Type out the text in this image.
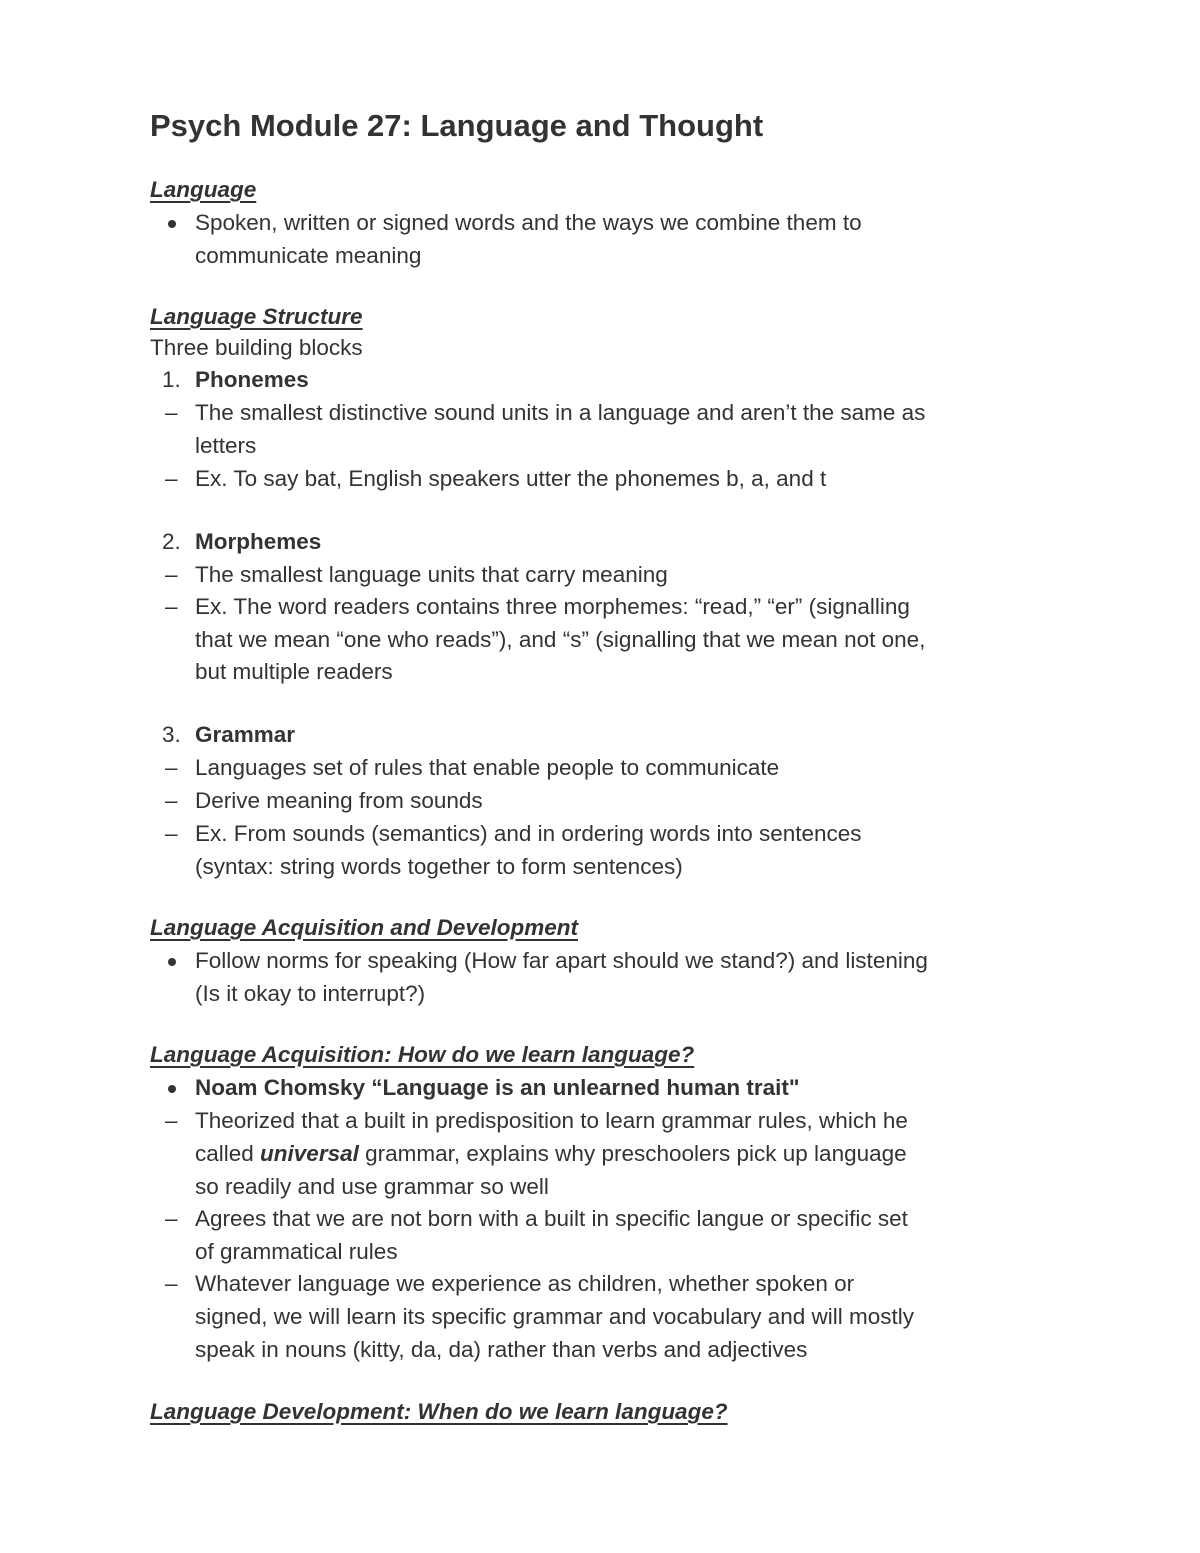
Psych Module 27: Language and Thought
Language
Spoken, written or signed words and the ways we combine them to
communicate meaning
Language Structure
Three building blocks
1. Phonemes
– The smallest distinctive sound units in a language and aren’t the same as
letters
– Ex. To say bat, English speakers utter the phonemes b, a, and t
2. Morphemes
– The smallest language units that carry meaning
– Ex. The word readers contains three morphemes: “read,” “er” (signalling
that we mean “one who reads”), and “s” (signalling that we mean not one,
but multiple readers
3. Grammar
– Languages set of rules that enable people to communicate
– Derive meaning from sounds
– Ex. From sounds (semantics) and in ordering words into sentences
(syntax: string words together to form sentences)
Language Acquisition and Development
Follow norms for speaking (How far apart should we stand?) and listening
(Is it okay to interrupt?)
Language Acquisition: How do we learn language?
Noam Chomsky “Language is an unlearned human trait"
– Theorized that a built in predisposition to learn grammar rules, which he
called universal grammar, explains why preschoolers pick up language
so readily and use grammar so well
– Agrees that we are not born with a built in specific langue or specific set
of grammatical rules
– Whatever language we experience as children, whether spoken or
signed, we will learn its specific grammar and vocabulary and will mostly
speak in nouns (kitty, da, da) rather than verbs and adjectives
Language Development: When do we learn language?
